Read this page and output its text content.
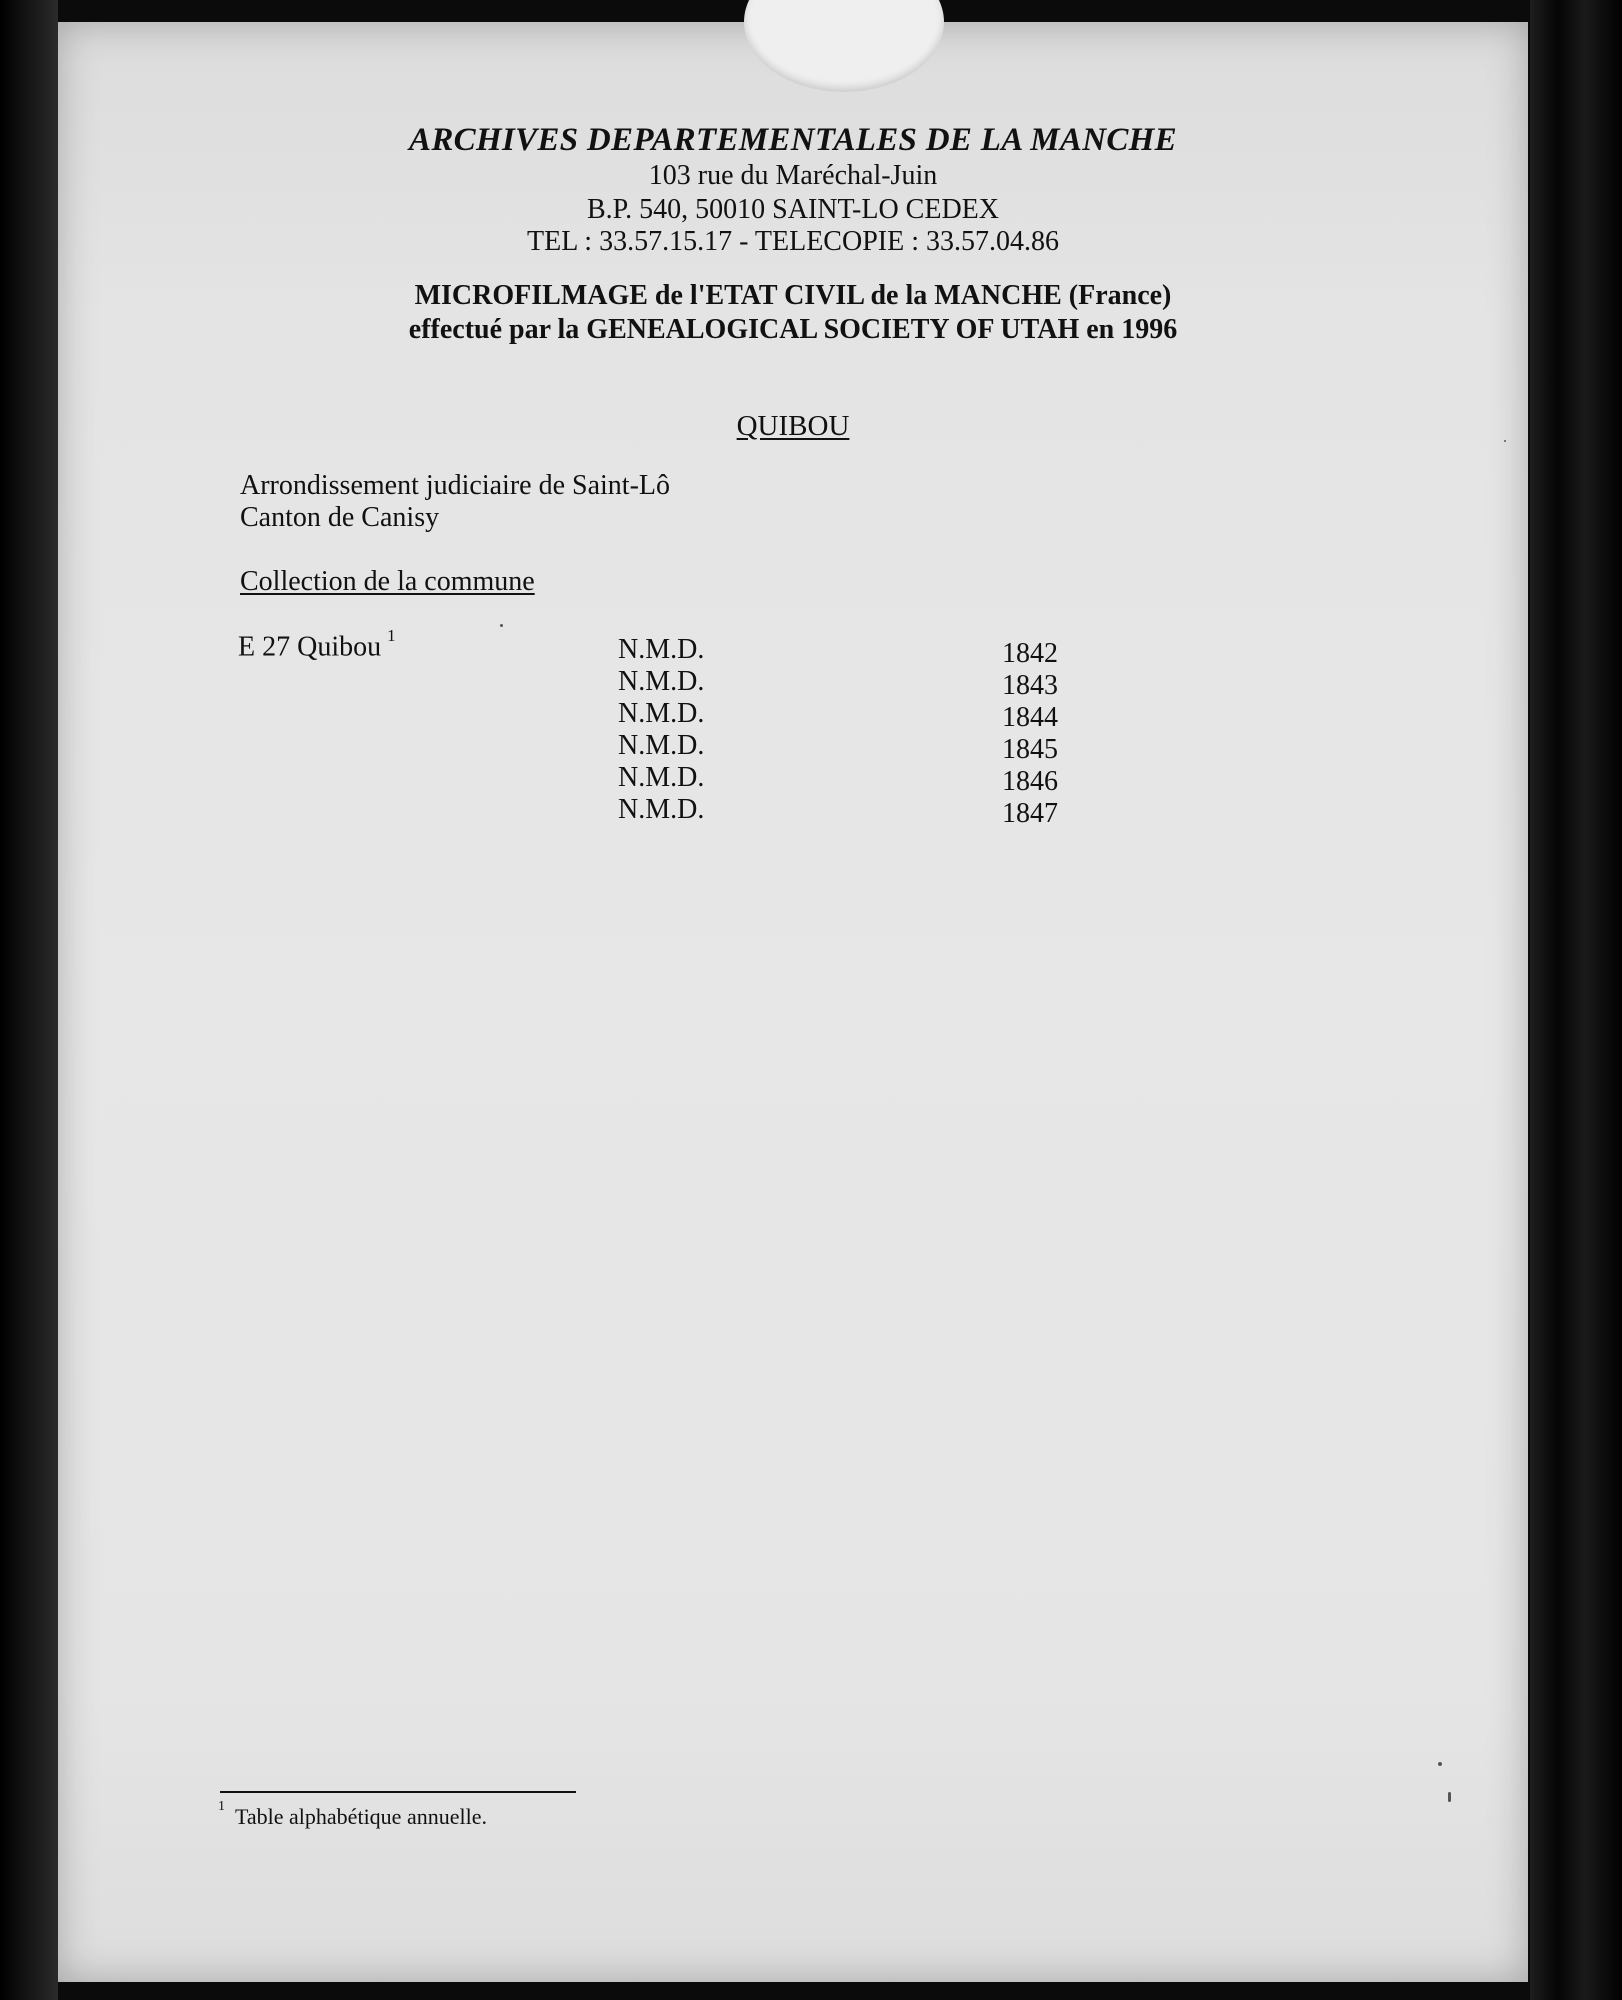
ARCHIVES DEPARTEMENTALES DE LA MANCHE
103 rue du Maréchal-Juin
B.P. 540, 50010 SAINT-LO CEDEX
TEL : 33.57.15.17 - TELECOPIE : 33.57.04.86
MICROFILMAGE de l'ETAT CIVIL de la MANCHE (France)
effectué par la GENEALOGICAL SOCIETY OF UTAH en 1996
QUIBOU
Arrondissement judiciaire de Saint-Lô
Canton de Canisy
Collection de la commune
E 27 Quibou $^1$	N.M.D.	1842
N.M.D.	1843
N.M.D.	1844
N.M.D.	1845
N.M.D.	1846
N.M.D.	1847
$^1$ Table alphabétique annuelle.
